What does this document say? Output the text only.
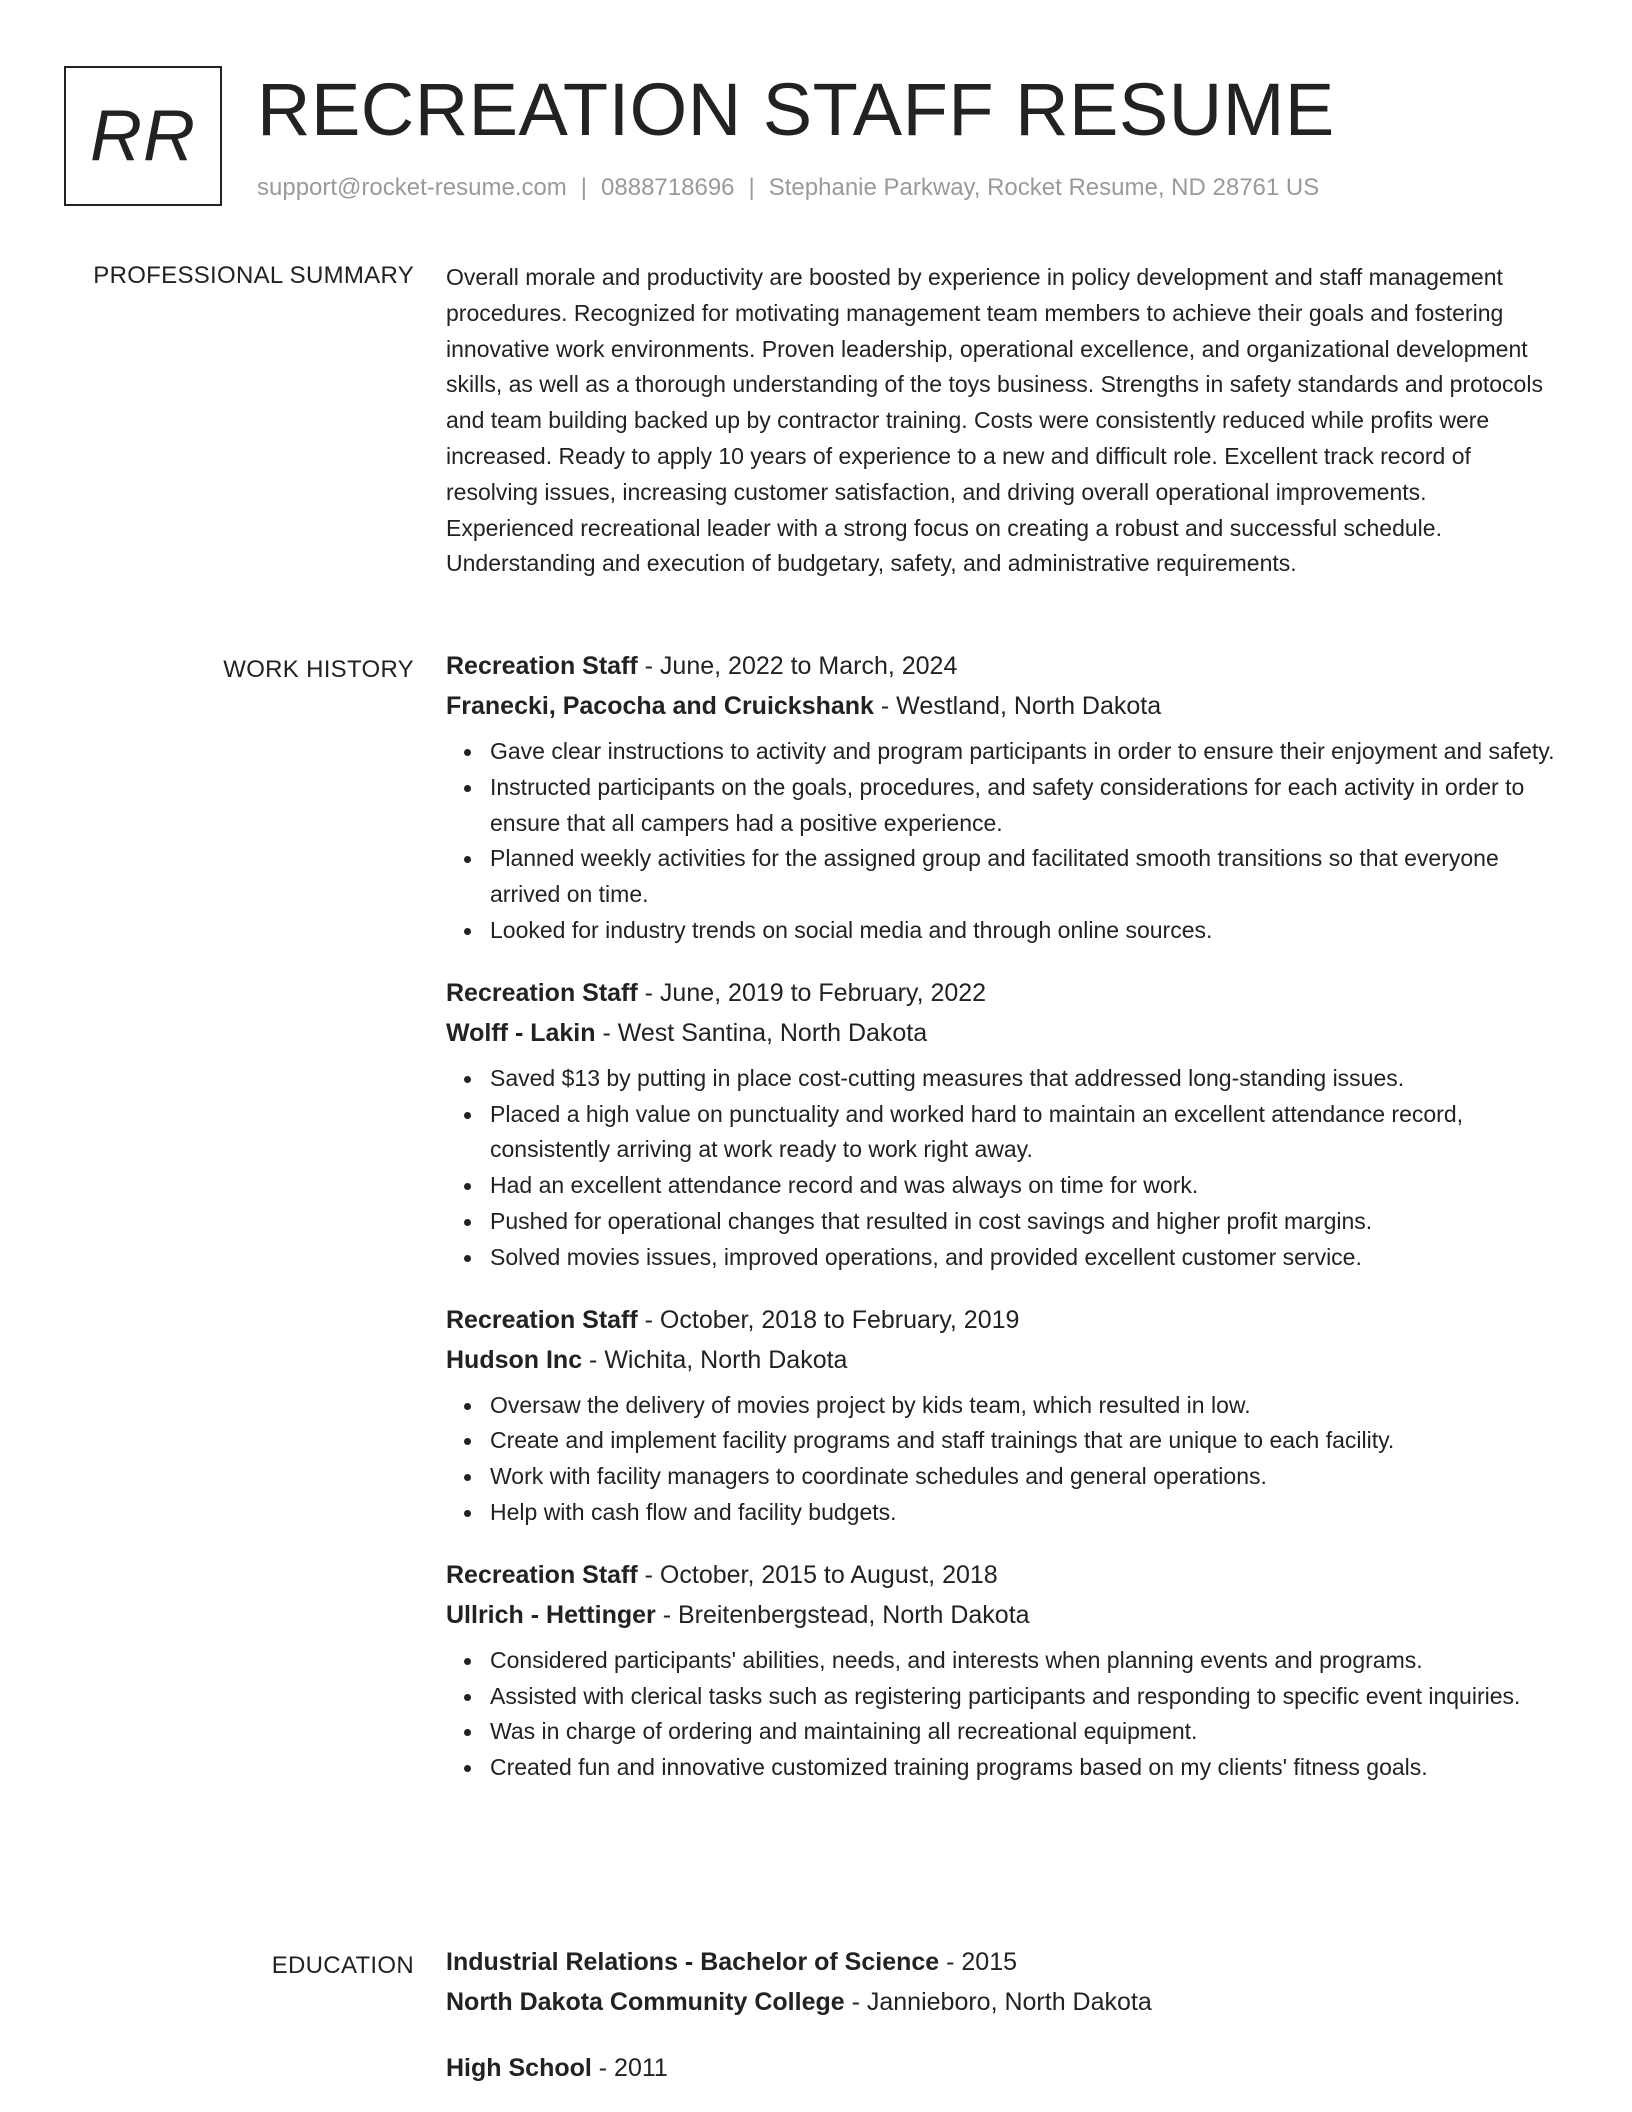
RR RECREATION STAFF RESUME
support@rocket-resume.com | 0888718696 | Stephanie Parkway, Rocket Resume, ND 28761 US
PROFESSIONAL SUMMARY Overall morale and productivity are boosted by experience in policy development and staff management procedures. Recognized for motivating management team members to achieve their goals and fostering innovative work environments. Proven leadership, operational excellence, and organizational development skills, as well as a thorough understanding of the toys business. Strengths in safety standards and protocols and team building backed up by contractor training. Costs were consistently reduced while profits were increased. Ready to apply 10 years of experience to a new and difficult role. Excellent track record of resolving issues, increasing customer satisfaction, and driving overall operational improvements. Experienced recreational leader with a strong focus on creating a robust and successful schedule. Understanding and execution of budgetary, safety, and administrative requirements.

WORK HISTORY Recreation Staff - June, 2022 to March, 2024
Franecki, Pacocha and Cruickshank - Westland, North Dakota
Gave clear instructions to activity and program participants in order to ensure their enjoyment and safety.
Instructed participants on the goals, procedures, and safety considerations for each activity in order to ensure that all campers had a positive experience.
Planned weekly activities for the assigned group and facilitated smooth transitions so that everyone arrived on time.
Looked for industry trends on social media and through online sources.
Recreation Staff - June, 2019 to February, 2022
Wolff - Lakin - West Santina, North Dakota
Saved $13 by putting in place cost-cutting measures that addressed long-standing issues.
Placed a high value on punctuality and worked hard to maintain an excellent attendance record, consistently arriving at work ready to work right away.
Had an excellent attendance record and was always on time for work.
Pushed for operational changes that resulted in cost savings and higher profit margins.
Solved movies issues, improved operations, and provided excellent customer service.
Recreation Staff - October, 2018 to February, 2019
Hudson Inc - Wichita, North Dakota
Oversaw the delivery of movies project by kids team, which resulted in low.
Create and implement facility programs and staff trainings that are unique to each facility.
Work with facility managers to coordinate schedules and general operations.
Help with cash flow and facility budgets.
Recreation Staff - October, 2015 to August, 2018
Ullrich - Hettinger - Breitenbergstead, North Dakota
Considered participants' abilities, needs, and interests when planning events and programs.
Assisted with clerical tasks such as registering participants and responding to specific event inquiries.
Was in charge of ordering and maintaining all recreational equipment.
Created fun and innovative customized training programs based on my clients' fitness goals.
EDUCATION Industrial Relations - Bachelor of Science - 2015
North Dakota Community College - Jannieboro, North Dakota
High School - 2011
